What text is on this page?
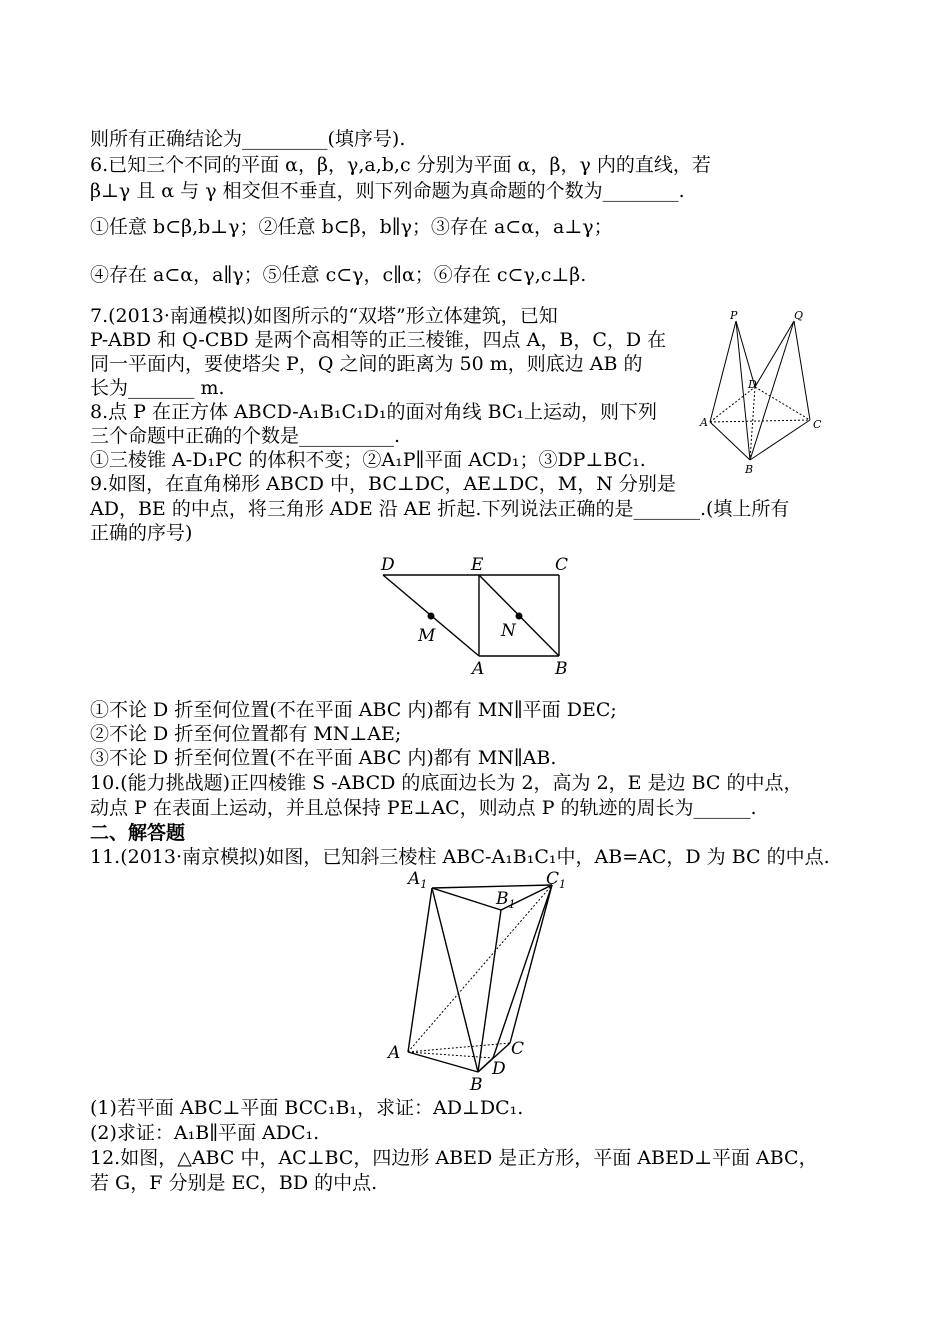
则所有正确结论为_________(填序号).
6.已知三个不同的平面 α，β，γ,a,b,c 分别为平面 α，β，γ 内的直线，若
β⊥γ 且 α 与 γ 相交但不垂直，则下列命题为真命题的个数为________.
①任意 b⊂β,b⊥γ；②任意 b⊂β，b∥γ；③存在 a⊂α，a⊥γ；
④存在 a⊂α，a∥γ；⑤任意 c⊂γ，c∥α；⑥存在 c⊂γ,c⊥β.
7.(2013·南通模拟)如图所示的“双塔”形立体建筑，已知
P-ABD 和 Q-CBD 是两个高相等的正三棱锥，四点 A，B，C，D 在
同一平面内，要使塔尖 P，Q 之间的距离为 50 m，则底边 AB 的
长为_______ m.
8.点 P 在正方体 ABCD-A₁B₁C₁D₁的面对角线 BC₁上运动，则下列
三个命题中正确的个数是__________.
①三棱锥 A-D₁PC 的体积不变；②A₁P∥平面 ACD₁；③DP⊥BC₁.
9.如图，在直角梯形 ABCD 中，BC⊥DC，AE⊥DC，M，N 分别是
AD，BE 的中点，将三角形 ADE 沿 AE 折起.下列说法正确的是_______.(填上所有
正确的序号)
①不论 D 折至何位置(不在平面 ABC 内)都有 MN∥平面 DEC;
②不论 D 折至何位置都有 MN⊥AE;
③不论 D 折至何位置(不在平面 ABC 内)都有 MN∥AB.
10.(能力挑战题)正四棱锥 S -ABCD 的底面边长为 2，高为 2，E 是边 BC 的中点，
动点 P 在表面上运动，并且总保持 PE⊥AC，则动点 P 的轨迹的周长为______.
二、解答题
11.(2013·南京模拟)如图，已知斜三棱柱 ABC-A₁B₁C₁中，AB=AC，D 为 BC 的中点.
(1)若平面 ABC⊥平面 BCC₁B₁，求证：AD⊥DC₁.
(2)求证：A₁B∥平面 ADC₁.
12.如图，△ABC 中，AC⊥BC，四边形 ABED 是正方形，平面 ABED⊥平面 ABC，
若 G，F 分别是 EC，BD 的中点.
P	Q
D
A	C
B
D	E	C
M	N
A	B
$A_1$
$B_1$
$C_1$
A	C
D
B
